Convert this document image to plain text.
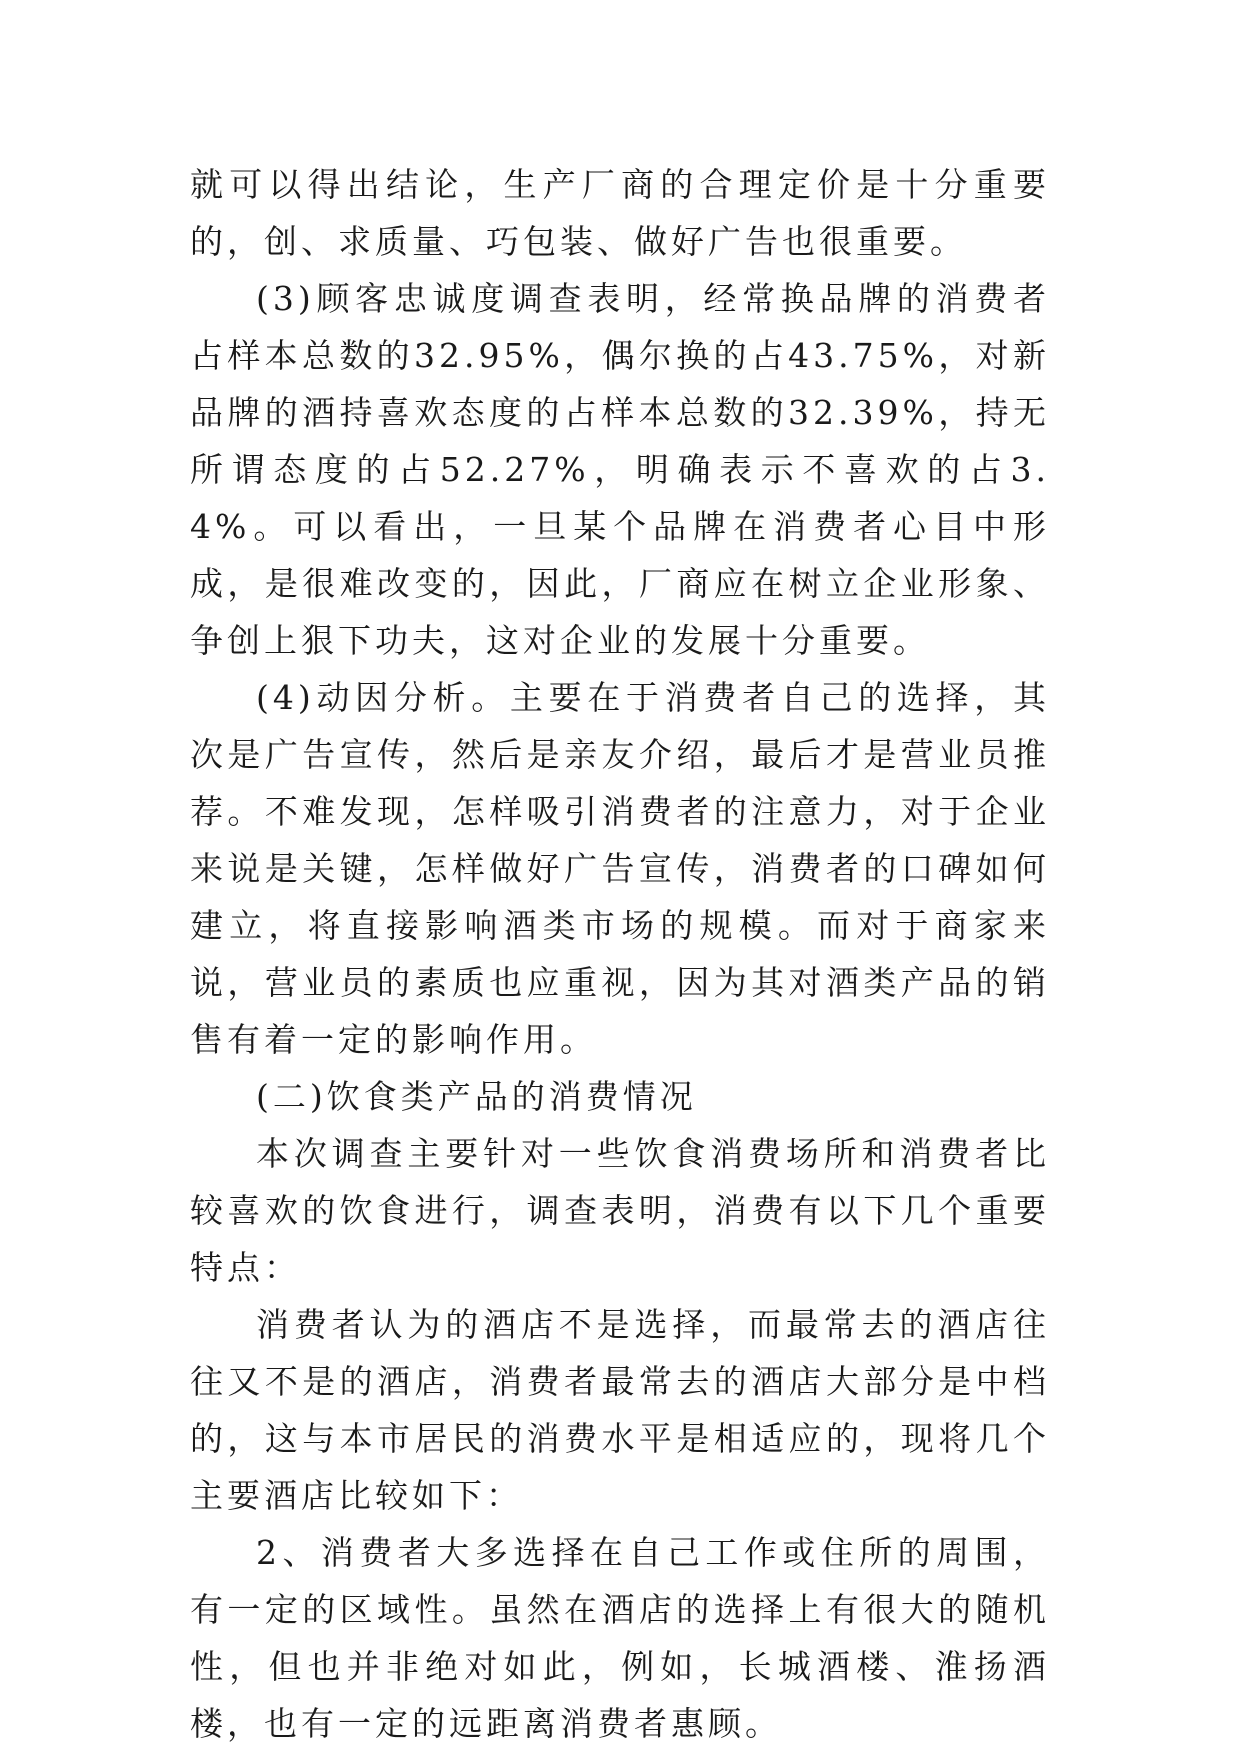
就可以得出结论，生产厂商的合理定价是十分重要的，创、求质量、巧包装、做好广告也很重要。

(3)顾客忠诚度调查表明，经常换品牌的消费者占样本总数的32.95%，偶尔换的占43.75%，对新品牌的酒持喜欢态度的占样本总数的32.39%，持无所谓态度的占52.27%，明确表示不喜欢的占3.4%。可以看出，一旦某个品牌在消费者心目中形成，是很难改变的，因此，厂商应在树立企业形象、争创上狠下功夫，这对企业的发展十分重要。

(4)动因分析。主要在于消费者自己的选择，其次是广告宣传，然后是亲友介绍，最后才是营业员推荐。不难发现，怎样吸引消费者的注意力，对于企业来说是关键，怎样做好广告宣传，消费者的口碑如何建立，将直接影响酒类市场的规模。而对于商家来说，营业员的素质也应重视，因为其对酒类产品的销售有着一定的影响作用。

(二)饮食类产品的消费情况

本次调查主要针对一些饮食消费场所和消费者比较喜欢的饮食进行，调查表明，消费有以下几个重要特点：

消费者认为的酒店不是选择，而最常去的酒店往往又不是的酒店，消费者最常去的酒店大部分是中档的，这与本市居民的消费水平是相适应的，现将几个主要酒店比较如下：

2、消费者大多选择在自己工作或住所的周围，有一定的区域性。虽然在酒店的选择上有很大的随机性，但也并非绝对如此，例如，长城酒楼、淮扬酒楼，也有一定的远距离消费者惠顾。
